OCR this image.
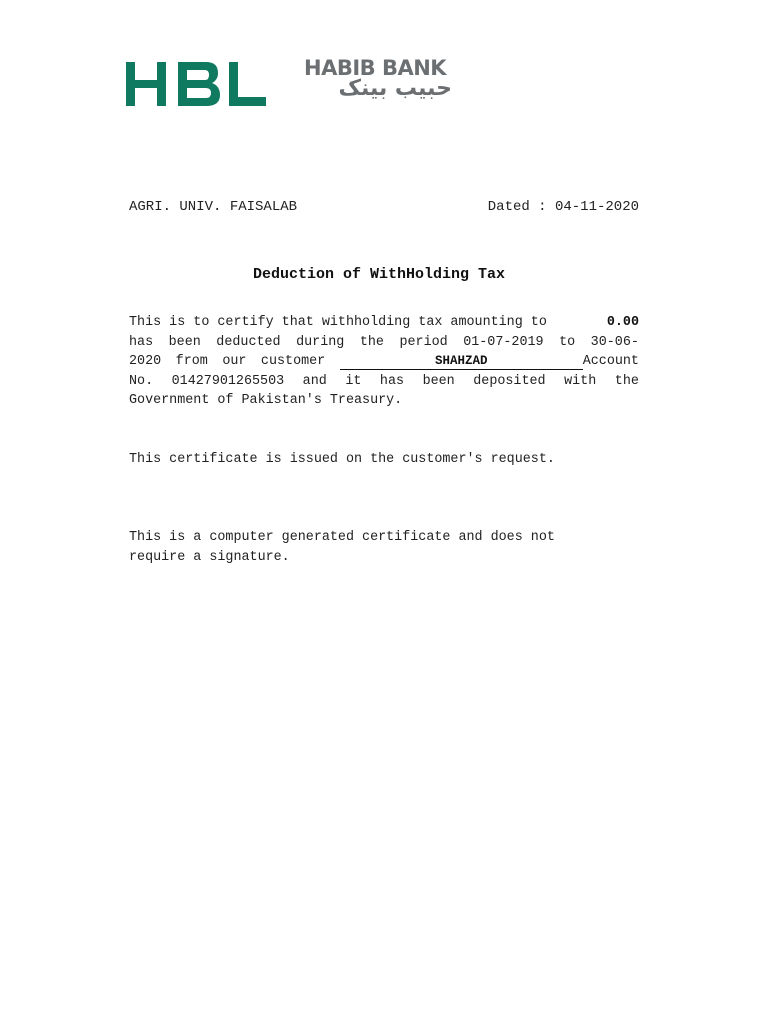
HABIB BANK
حبیب بینک
AGRI. UNIV. FAISALAB	Dated : 04-11-2020
Deduction of WithHolding Tax
This is to certify that withholding tax amounting to	0.00
has been deducted during the period 01-07-2019 to 30-06-
2020 from our customer	SHAHZAD	Account
No. 01427901265503 and it has been deposited with the
Government of Pakistan's Treasury.
This certificate is issued on the customer's request.
This is a computer generated certificate and does not
require a signature.
